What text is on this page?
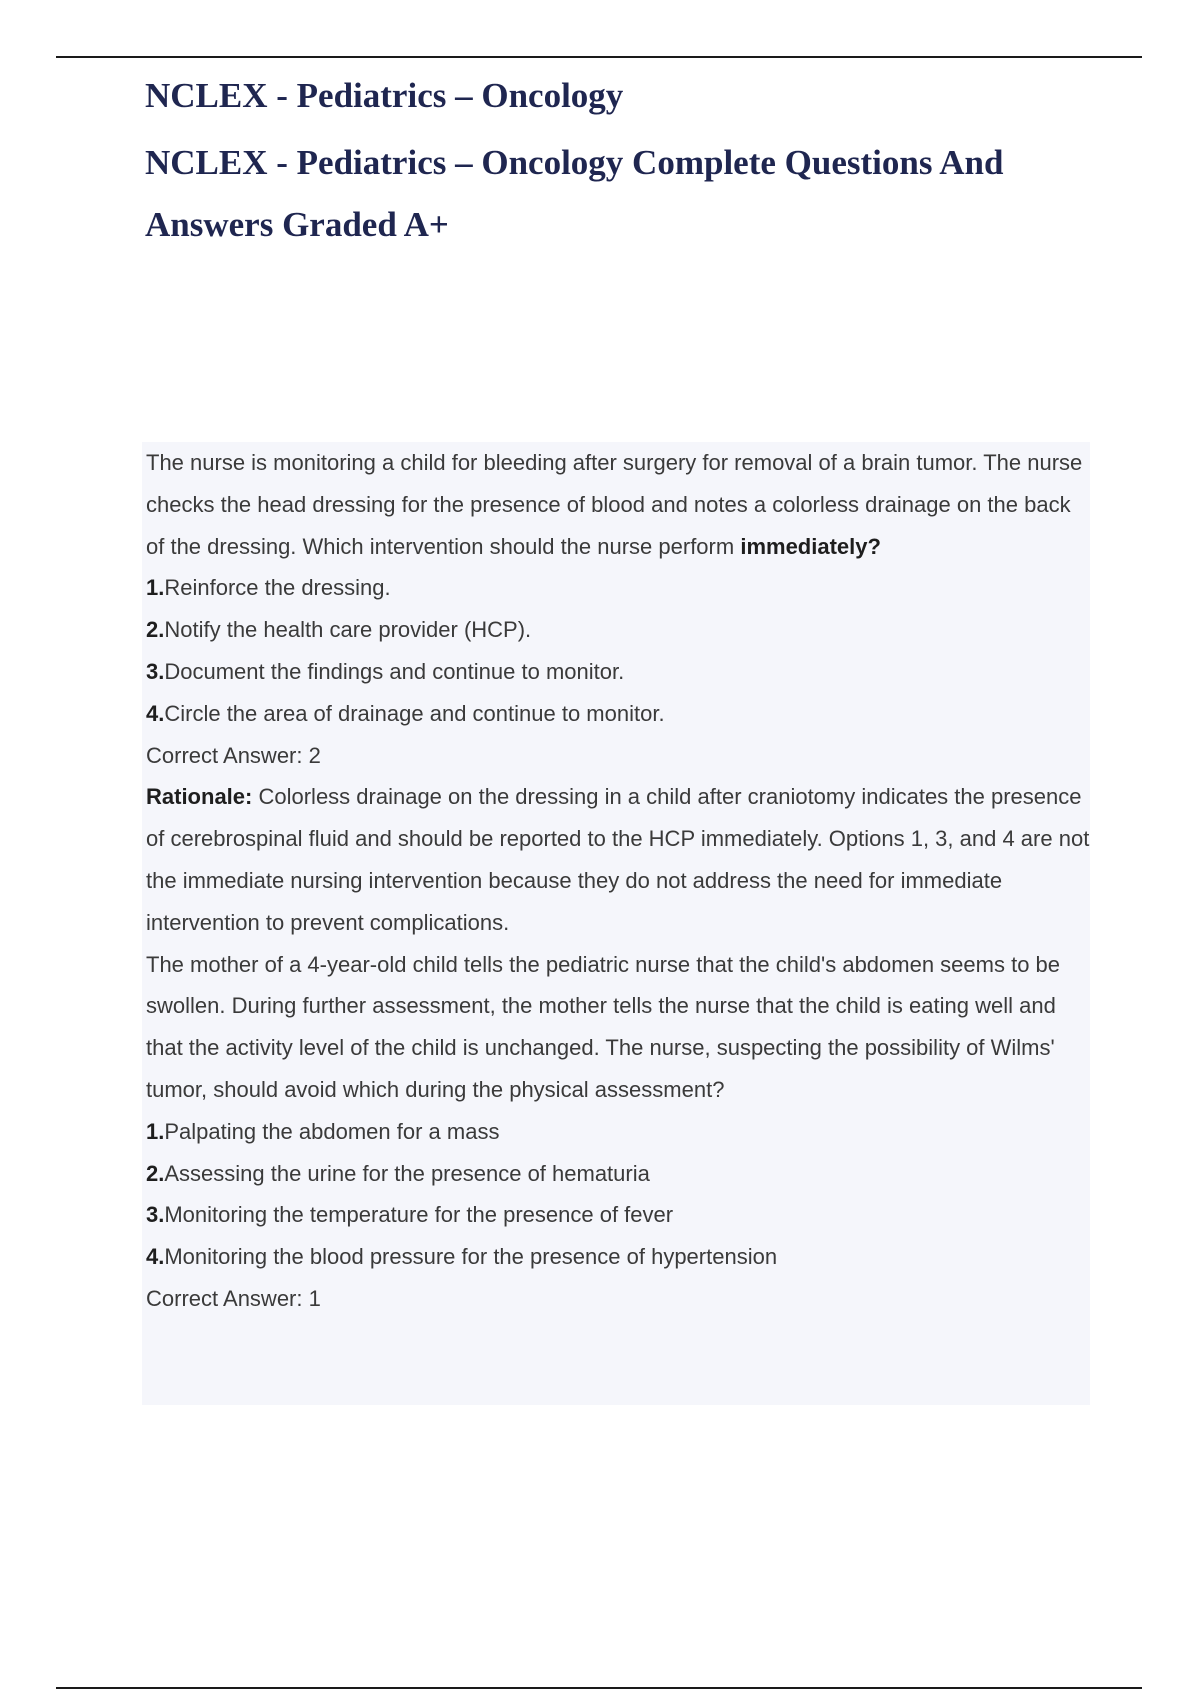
NCLEX - Pediatrics – Oncology
NCLEX - Pediatrics – Oncology Complete Questions And Answers Graded A+

The nurse is monitoring a child for bleeding after surgery for removal of a brain tumor. The nurse checks the head dressing for the presence of blood and notes a colorless drainage on the back of the dressing. Which intervention should the nurse perform immediately?

1.Reinforce the dressing.

2.Notify the health care provider (HCP).

3.Document the findings and continue to monitor.

4.Circle the area of drainage and continue to monitor.

Correct Answer: 2

Rationale: Colorless drainage on the dressing in a child after craniotomy indicates the presence of cerebrospinal fluid and should be reported to the HCP immediately. Options 1, 3, and 4 are not the immediate nursing intervention because they do not address the need for immediate intervention to prevent complications.

The mother of a 4-year-old child tells the pediatric nurse that the child's abdomen seems to be swollen. During further assessment, the mother tells the nurse that the child is eating well and that the activity level of the child is unchanged. The nurse, suspecting the possibility of Wilms' tumor, should avoid which during the physical assessment?

1.Palpating the abdomen for a mass

2.Assessing the urine for the presence of hematuria

3.Monitoring the temperature for the presence of fever

4.Monitoring the blood pressure for the presence of hypertension

Correct Answer: 1
